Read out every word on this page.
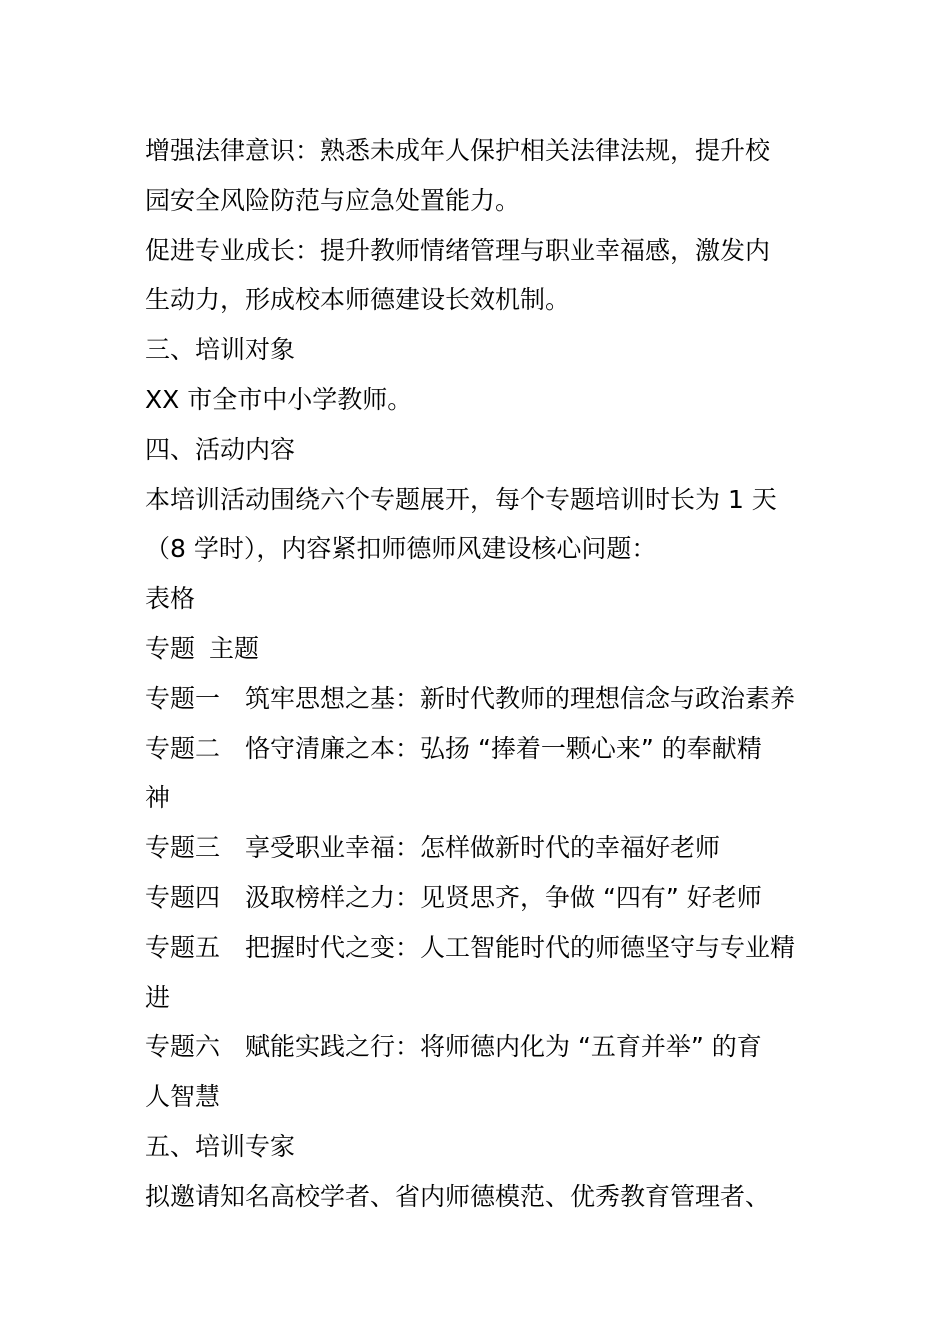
增强法律意识：熟悉未成年人保护相关法律法规，提升校
园安全风险防范与应急处置能力。
促进专业成长：提升教师情绪管理与职业幸福感，激发内
生动力，形成校本师德建设长效机制。
三、培训对象
XX 市全市中小学教师。
四、活动内容
本培训活动围绕六个专题展开，每个专题培训时长为 1 天
（8 学时），内容紧扣师德师风建设核心问题：
表格
专题 主题
专题一 筑牢思想之基：新时代教师的理想信念与政治素养
专题二 恪守清廉之本：弘扬 “捧着一颗心来” 的奉献精
神
专题三 享受职业幸福：怎样做新时代的幸福好老师
专题四 汲取榜样之力：见贤思齐，争做 “四有” 好老师
专题五 把握时代之变：人工智能时代的师德坚守与专业精
进
专题六 赋能实践之行：将师德内化为 “五育并举” 的育
人智慧
五、培训专家
拟邀请知名高校学者、省内师德模范、优秀教育管理者、
